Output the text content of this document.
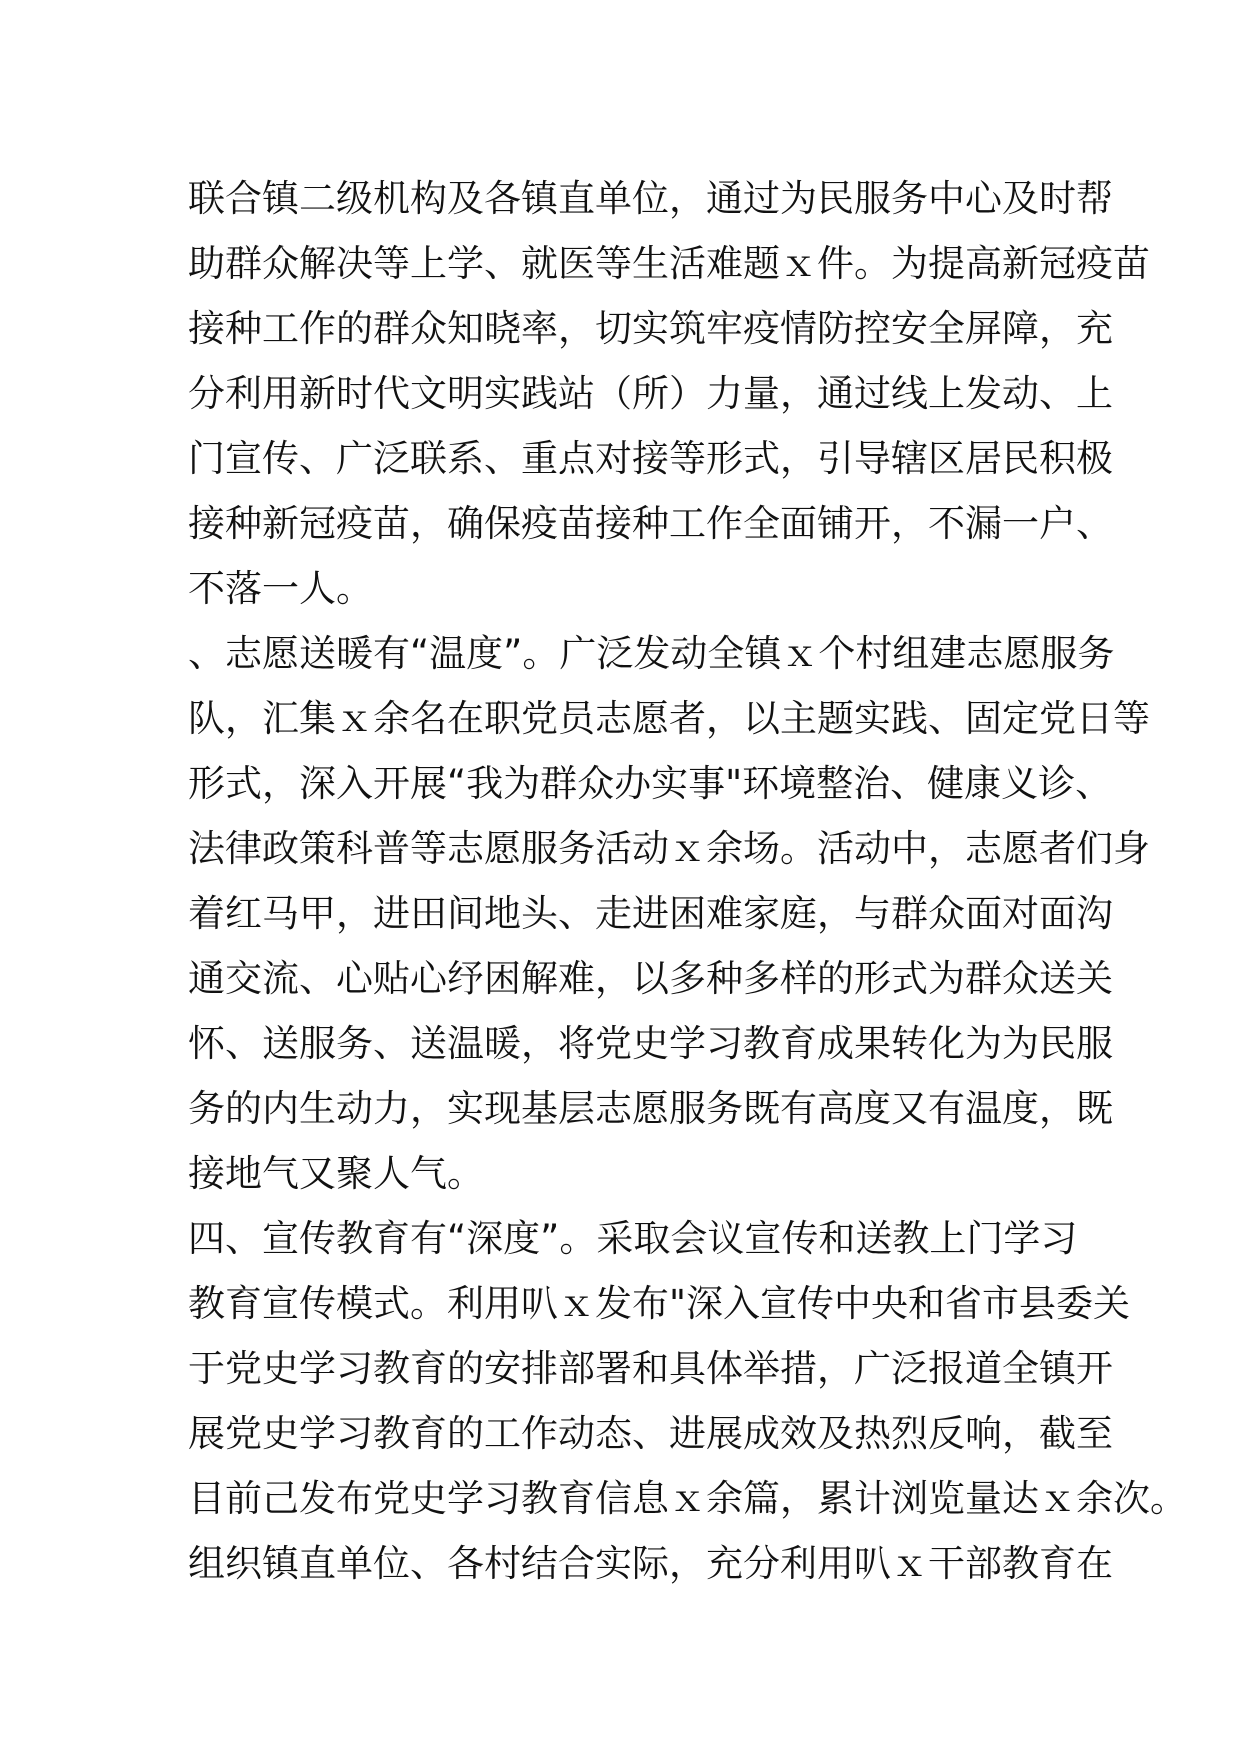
联合镇二级机构及各镇直单位，通过为民服务中心及时帮
助群众解决等上学、就医等生活难题ｘ件。为提高新冠疫苗
接种工作的群众知晓率，切实筑牢疫情防控安全屏障，充
分利用新时代文明实践站（所）力量，通过线上发动、上
门宣传、广泛联系、重点对接等形式，引导辖区居民积极
接种新冠疫苗，确保疫苗接种工作全面铺开，不漏一户、
不落一人。
、志愿送暖有“温度”。广泛发动全镇ｘ个村组建志愿服务
队，汇集ｘ余名在职党员志愿者，以主题实践、固定党日等
形式，深入开展“我为群众办实事"环境整治、健康义诊、
法律政策科普等志愿服务活动ｘ余场。活动中，志愿者们身
着红马甲，进田间地头、走进困难家庭，与群众面对面沟
通交流、心贴心纾困解难，以多种多样的形式为群众送关
怀、送服务、送温暖，将党史学习教育成果转化为为民服
务的内生动力，实现基层志愿服务既有高度又有温度，既
接地气又聚人气。
四、宣传教育有“深度”。采取会议宣传和送教上门学习
教育宣传模式。利用叭ｘ发布"深入宣传中央和省市县委关
于党史学习教育的安排部署和具体举措，广泛报道全镇开
展党史学习教育的工作动态、进展成效及热烈反响，截至
目前己发布党史学习教育信息ｘ余篇，累计浏览量达ｘ余次。
组织镇直单位、各村结合实际，充分利用叭ｘ干部教育在
